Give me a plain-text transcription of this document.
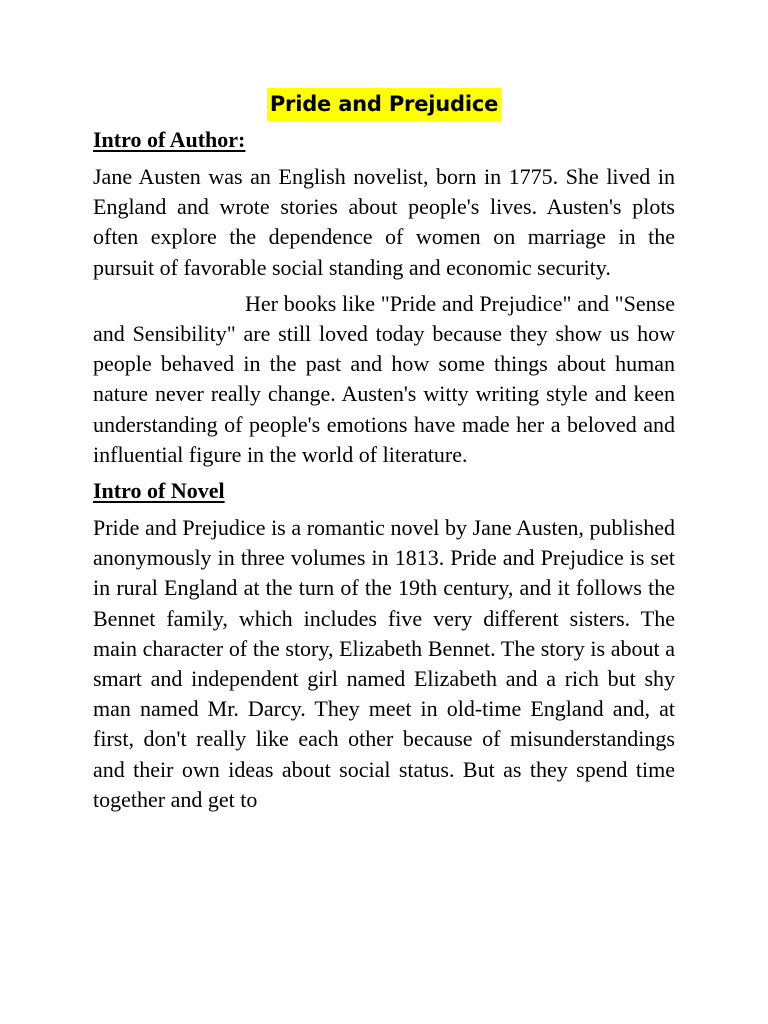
Pride and Prejudice
Intro of Author:

Jane Austen was an English novelist, born in 1775. She lived in England and wrote stories about people's lives. Austen's plots often explore the dependence of women on marriage in the pursuit of favorable social standing and economic security.

Her books like "Pride and Prejudice" and "Sense and Sensibility" are still loved today because they show us how people behaved in the past and how some things about human nature never really change. Austen's witty writing style and keen understanding of people's emotions have made her a beloved and influential figure in the world of literature.

Intro of Novel

Pride and Prejudice is a romantic novel by Jane Austen, published anonymously in three volumes in 1813. Pride and Prejudice is set in rural England at the turn of the 19th century, and it follows the Bennet family, which includes five very different sisters. The main character of the story, Elizabeth Bennet. The story is about a smart and independent girl named Elizabeth and a rich but shy man named Mr. Darcy. They meet in old-time England and, at first, don't really like each other because of misunderstandings and their own ideas about social status. But as they spend time together and get to
